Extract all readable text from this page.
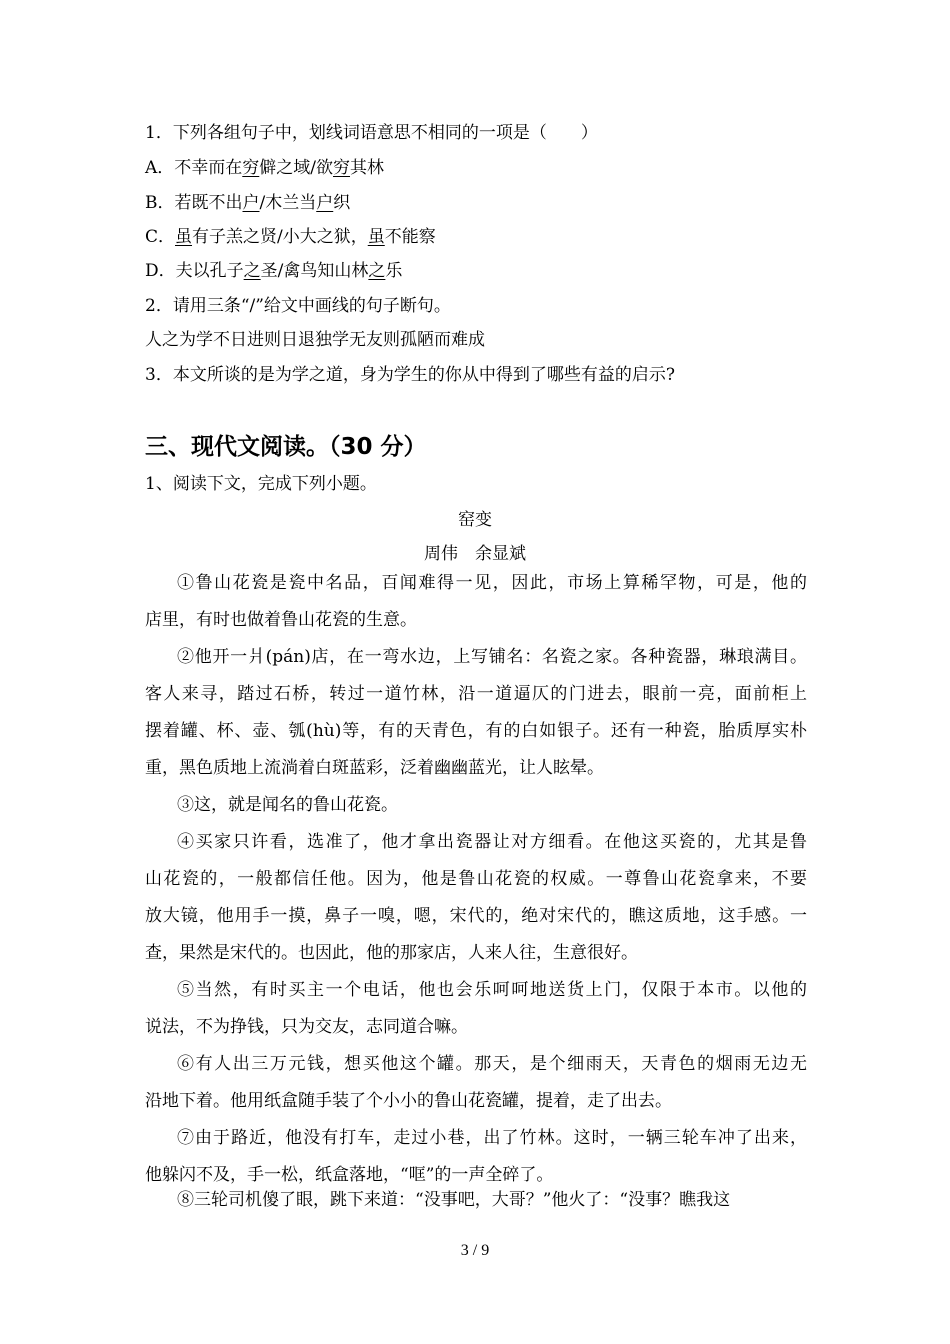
1．下列各组句子中，划线词语意思不相同的一项是（　　）
A．不幸而在穷僻之域/欲穷其林
B．若既不出户/木兰当户织
C．虽有子羔之贤/小大之狱，虽不能察
D．夫以孔子之圣/禽鸟知山林之乐
2．请用三条“/”给文中画线的句子断句。
人之为学不日进则日退独学无友则孤陋而难成
3．本文所谈的是为学之道，身为学生的你从中得到了哪些有益的启示?
三、现代文阅读。（30 分）
1、阅读下文，完成下列小题。
窑变
周伟　余显斌
①鲁山花瓷是瓷中名品，百闻难得一见，因此，市场上算稀罕物，可是，他的
店里，有时也做着鲁山花瓷的生意。
②他开一爿(pán)店，在一弯水边，上写铺名：名瓷之家。各种瓷器，琳琅满目。
客人来寻，踏过石桥，转过一道竹林，沿一道逼仄的门进去，眼前一亮，面前柜上
摆着罐、杯、壶、瓠(hù)等，有的天青色，有的白如银子。还有一种瓷，胎质厚实朴
重，黑色质地上流淌着白斑蓝彩，泛着幽幽蓝光，让人眩晕。
③这，就是闻名的鲁山花瓷。
④买家只许看，选准了，他才拿出瓷器让对方细看。在他这买瓷的，尤其是鲁
山花瓷的，一般都信任他。因为，他是鲁山花瓷的权威。一尊鲁山花瓷拿来，不要
放大镜，他用手一摸，鼻子一嗅，嗯，宋代的，绝对宋代的，瞧这质地，这手感。一
查，果然是宋代的。也因此，他的那家店，人来人往，生意很好。
⑤当然，有时买主一个电话，他也会乐呵呵地送货上门，仅限于本市。以他的
说法，不为挣钱，只为交友，志同道合嘛。
⑥有人出三万元钱，想买他这个罐。那天，是个细雨天，天青色的烟雨无边无
沿地下着。他用纸盒随手装了个小小的鲁山花瓷罐，提着，走了出去。
⑦由于路近，他没有打车，走过小巷，出了竹林。这时，一辆三轮车冲了出来，
他躲闪不及，手一松，纸盒落地，“哐”的一声全碎了。
⑧三轮司机傻了眼，跳下来道：“没事吧，大哥？”他火了：“没事？瞧我这
3 / 9
